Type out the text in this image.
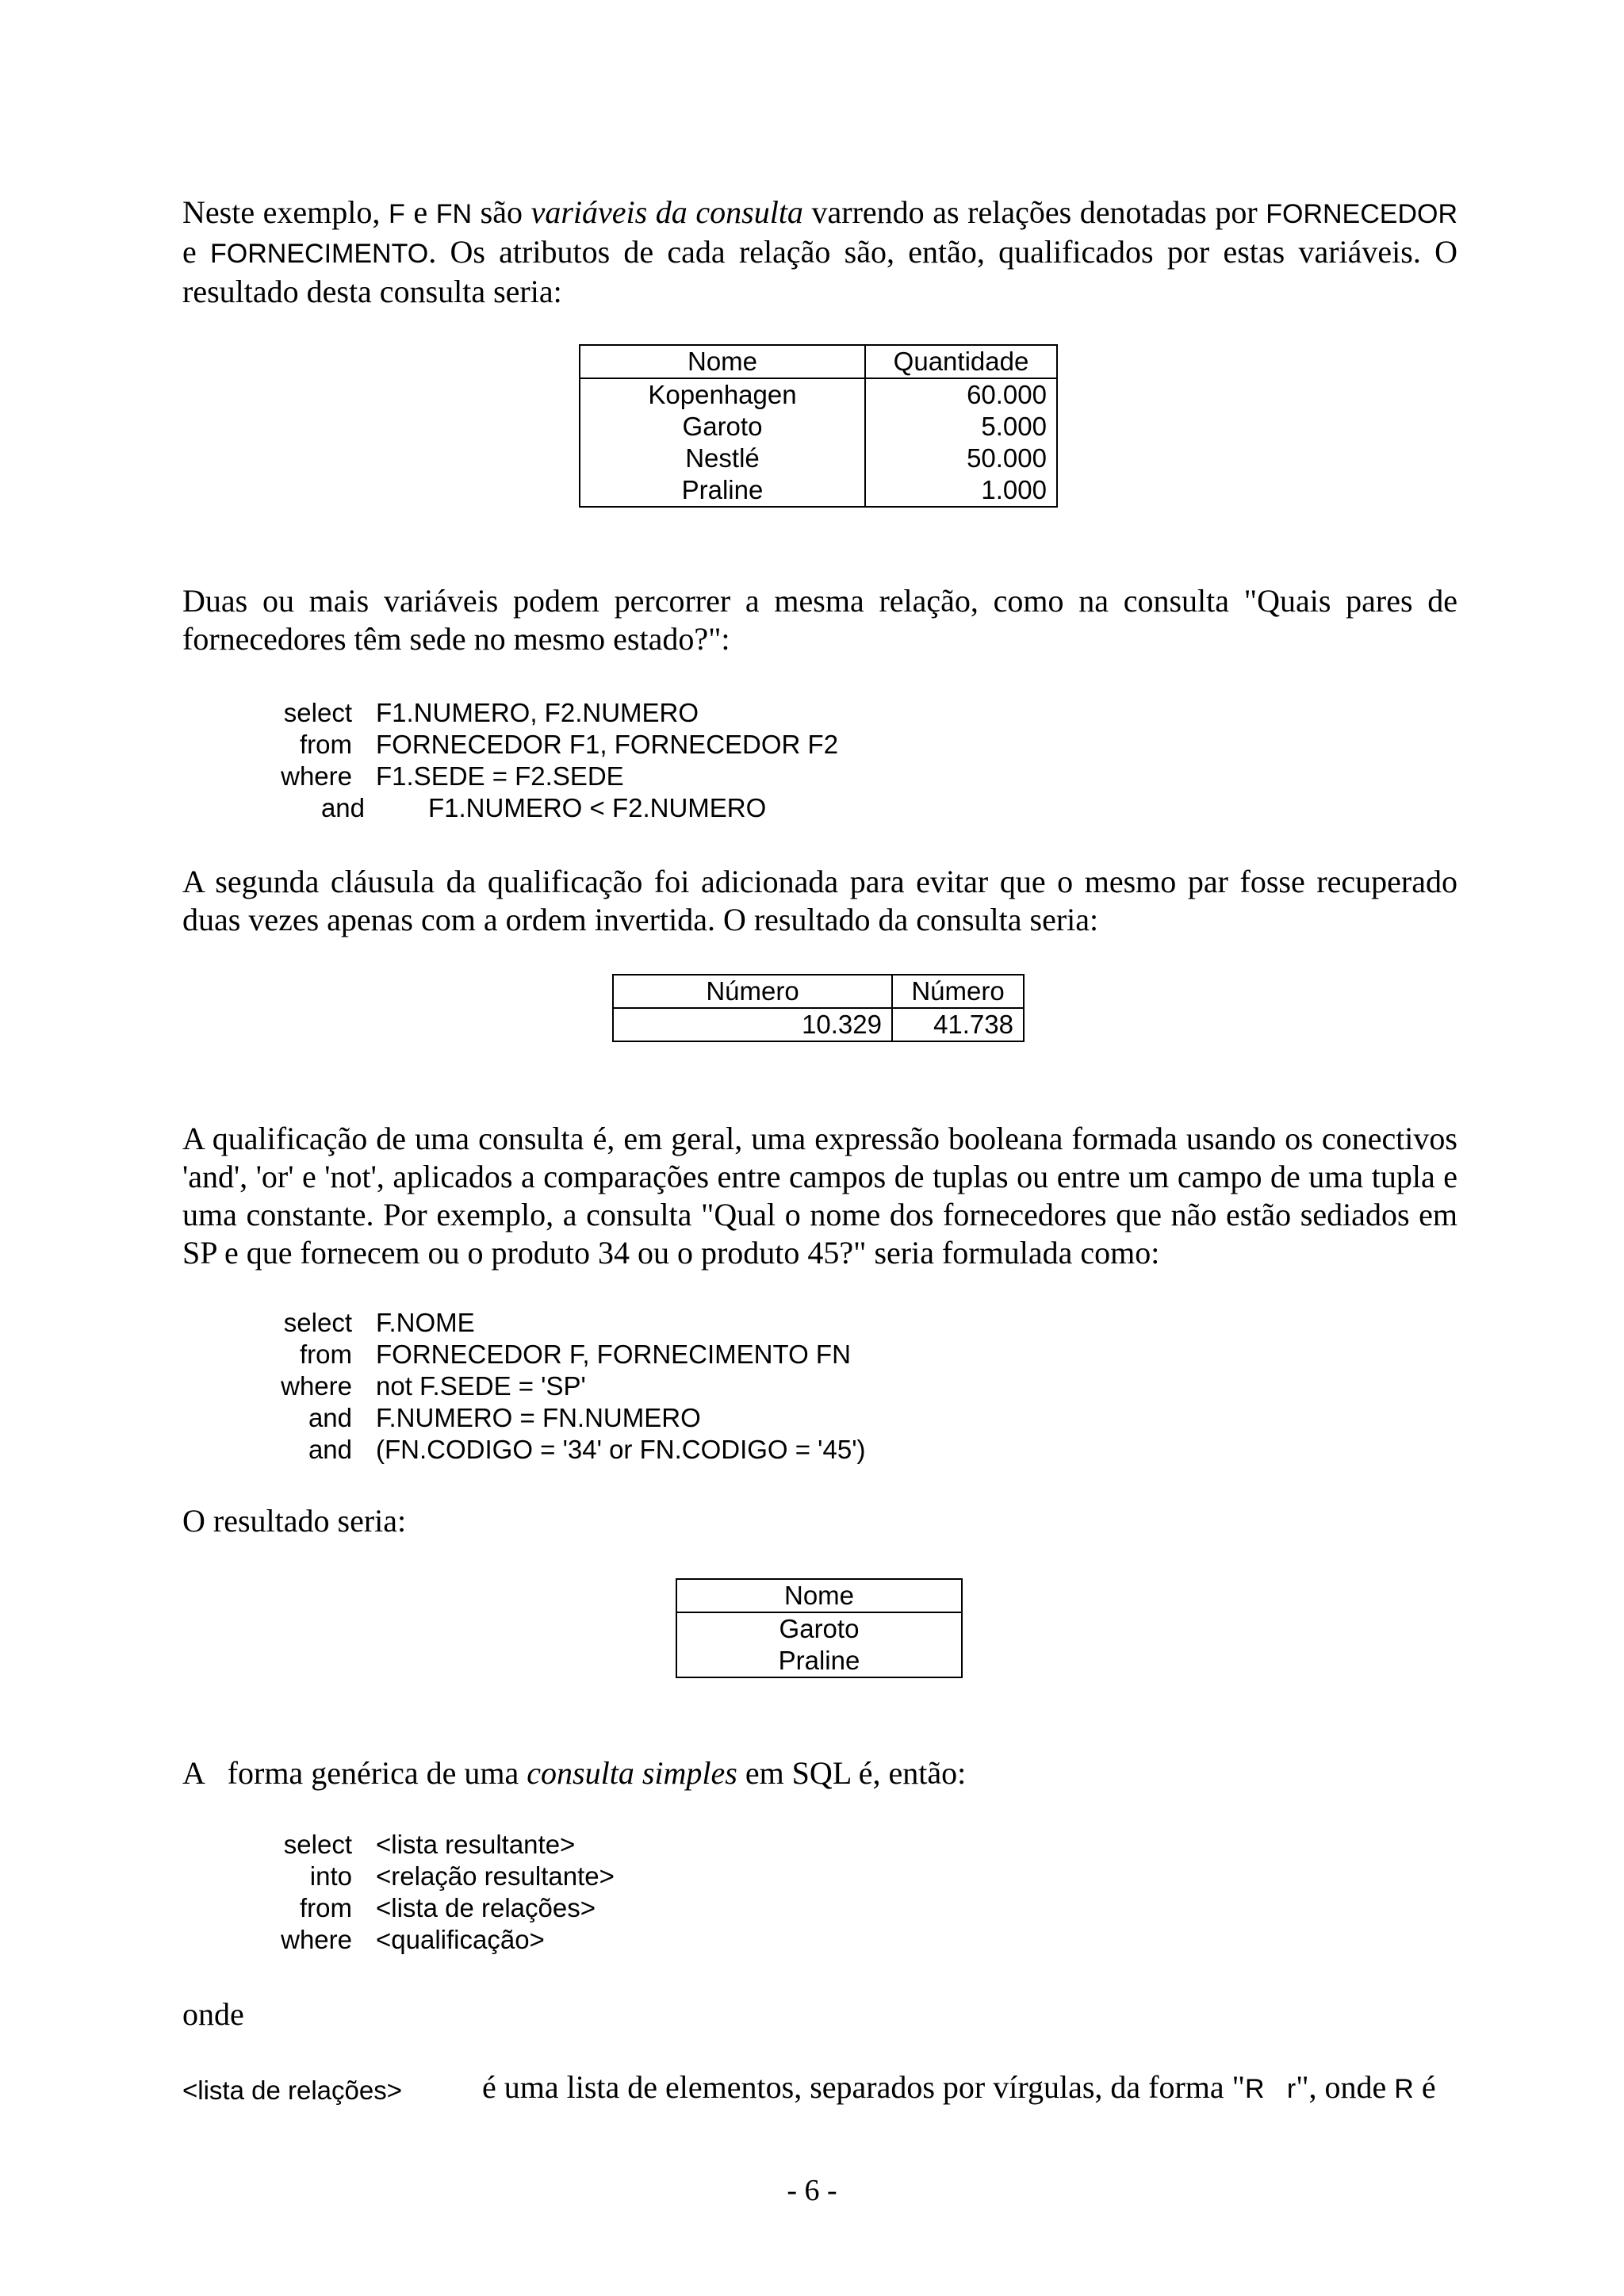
Neste exemplo, F e FN são variáveis da consulta varrendo as relações denotadas por FORNECEDOR e FORNECIMENTO. Os atributos de cada relação são, então, qualificados por estas variáveis. O resultado desta consulta seria:
Nome	Quantidade
Kopenhagen	60.000
Garoto	5.000
Nestlé	50.000
Praline	1.000
Duas ou mais variáveis podem percorrer a mesma relação, como na consulta "Quais pares de fornecedores têm sede no mesmo estado?":
select F1.NUMERO, F2.NUMERO
from FORNECEDOR F1, FORNECEDOR F2
where F1.SEDE = F2.SEDE
and F1.NUMERO < F2.NUMERO
A segunda cláusula da qualificação foi adicionada para evitar que o mesmo par fosse recuperado duas vezes apenas com a ordem invertida. O resultado da consulta seria:
Número	Número
10.329	41.738
A qualificação de uma consulta é, em geral, uma expressão booleana formada usando os conectivos 'and', 'or' e 'not', aplicados a comparações entre campos de tuplas ou entre um campo de uma tupla e uma constante. Por exemplo, a consulta "Qual o nome dos fornecedores que não estão sediados em SP e que fornecem ou o produto 34 ou o produto 45?" seria formulada como:
select F.NOME
from FORNECEDOR F, FORNECIMENTO FN
where not F.SEDE = 'SP'
and F.NUMERO = FN.NUMERO
and (FN.CODIGO = '34' or FN.CODIGO = '45')
O resultado seria:
Nome
Garoto
Praline
A   forma genérica de uma consulta simples em SQL é, então:
select <lista resultante>
into <relação resultante>
from <lista de relações>
where <qualificação>
onde
<lista de relações>	é uma lista de elementos, separados por vírgulas, da forma "R   r", onde R é
- 6 -
